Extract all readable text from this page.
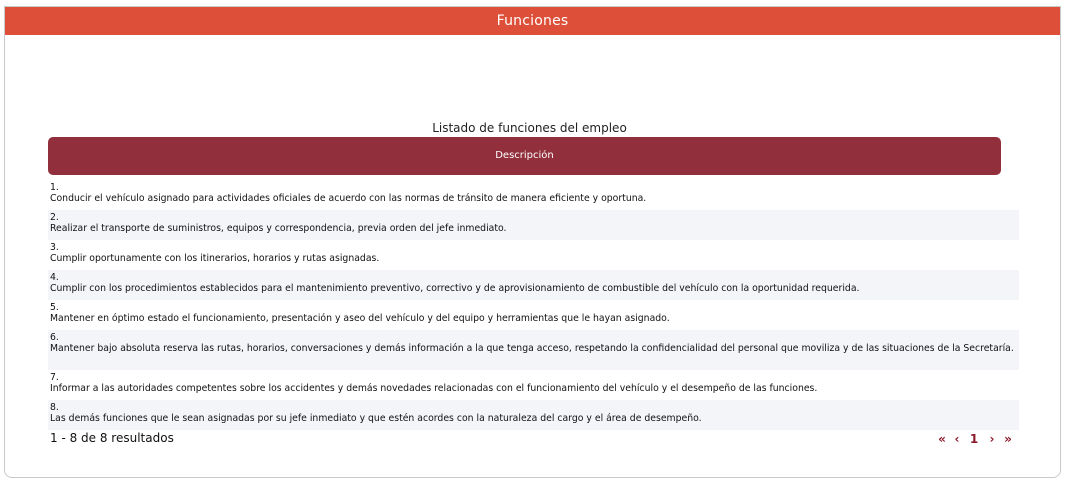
Funciones
Listado de funciones del empleo
Descripción
1.
Conducir el vehículo asignado para actividades oficiales de acuerdo con las normas de tránsito de manera eficiente y oportuna.
2.
Realizar el transporte de suministros, equipos y correspondencia, previa orden del jefe inmediato.
3.
Cumplir oportunamente con los itinerarios, horarios y rutas asignadas.
4.
Cumplir con los procedimientos establecidos para el mantenimiento preventivo, correctivo y de aprovisionamiento de combustible del vehículo con la oportunidad requerida.
5.
Mantener en óptimo estado el funcionamiento, presentación y aseo del vehículo y del equipo y herramientas que le hayan asignado.
6.
Mantener bajo absoluta reserva las rutas, horarios, conversaciones y demás información a la que tenga acceso, respetando la confidencialidad del personal que moviliza y de las situaciones de la Secretaría.
7.
Informar a las autoridades competentes sobre los accidentes y demás novedades relacionadas con el funcionamiento del vehículo y el desempeño de las funciones.
8.
Las demás funciones que le sean asignadas por su jefe inmediato y que estén acordes con la naturaleza del cargo y el área de desempeño.
1 - 8 de 8 resultados	« ‹ 1 › »
